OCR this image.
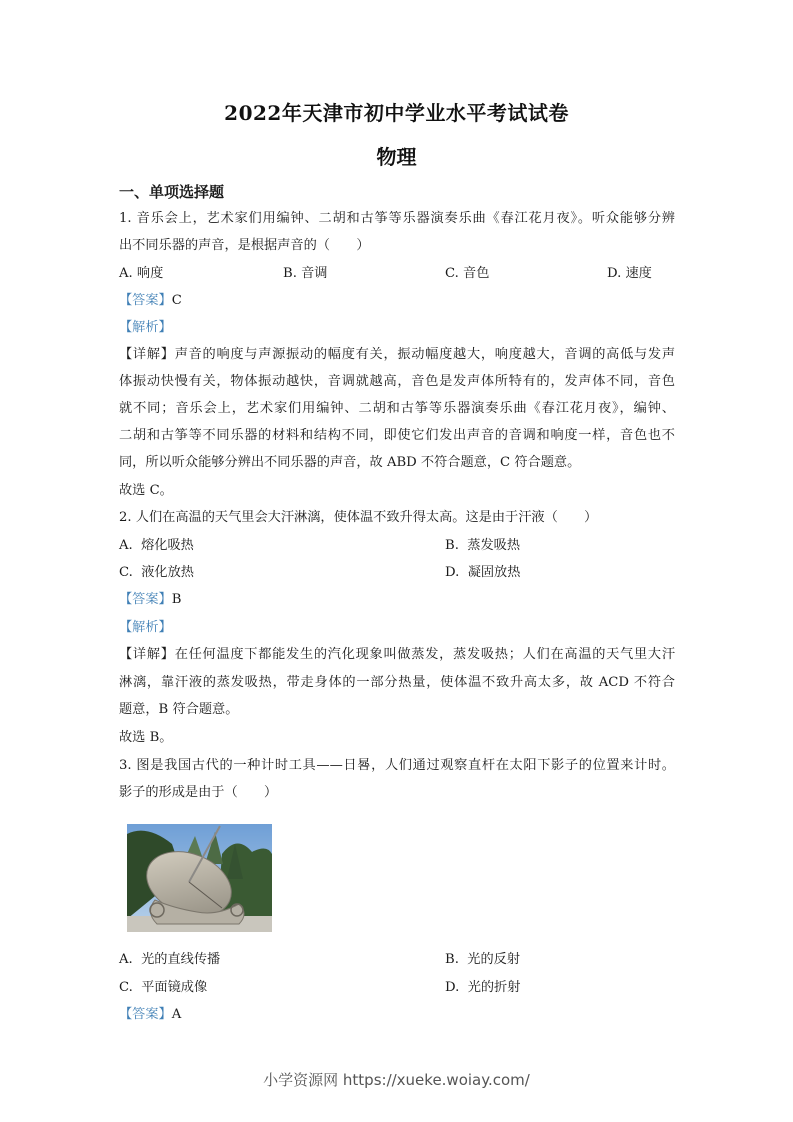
2022年天津市初中学业水平考试试卷
物理
一、单项选择题
1. 音乐会上，艺术家们用编钟、二胡和古筝等乐器演奏乐曲《春江花月夜》。听众能够分辨
出不同乐器的声音，是根据声音的（　　）
A. 响度	B. 音调	C. 音色	D. 速度
【答案】C
【解析】
【详解】声音的响度与声源振动的幅度有关，振动幅度越大，响度越大，音调的高低与发声
体振动快慢有关，物体振动越快，音调就越高，音色是发声体所特有的，发声体不同，音色
就不同；音乐会上，艺术家们用编钟、二胡和古筝等乐器演奏乐曲《春江花月夜》，编钟、
二胡和古筝等不同乐器的材料和结构不同，即使它们发出声音的音调和响度一样，音色也不
同，所以听众能够分辨出不同乐器的声音，故 ABD 不符合题意，C 符合题意。
故选 C。
2. 人们在高温的天气里会大汗淋漓，使体温不致升得太高。这是由于汗液（　　）
A. 熔化吸热	B. 蒸发吸热
C. 液化放热	D. 凝固放热
【答案】B
【解析】
【详解】在任何温度下都能发生的汽化现象叫做蒸发，蒸发吸热；人们在高温的天气里大汗
淋漓，靠汗液的蒸发吸热，带走身体的一部分热量，使体温不致升高太多，故 ACD 不符合
题意，B 符合题意。
故选 B。
3. 图是我国古代的一种计时工具——日晷，人们通过观察直杆在太阳下影子的位置来计时。
影子的形成是由于（　　）
A. 光的直线传播	B. 光的反射
C. 平面镜成像	D. 光的折射
【答案】A
小学资源网 https://xueke.woiay.com/
